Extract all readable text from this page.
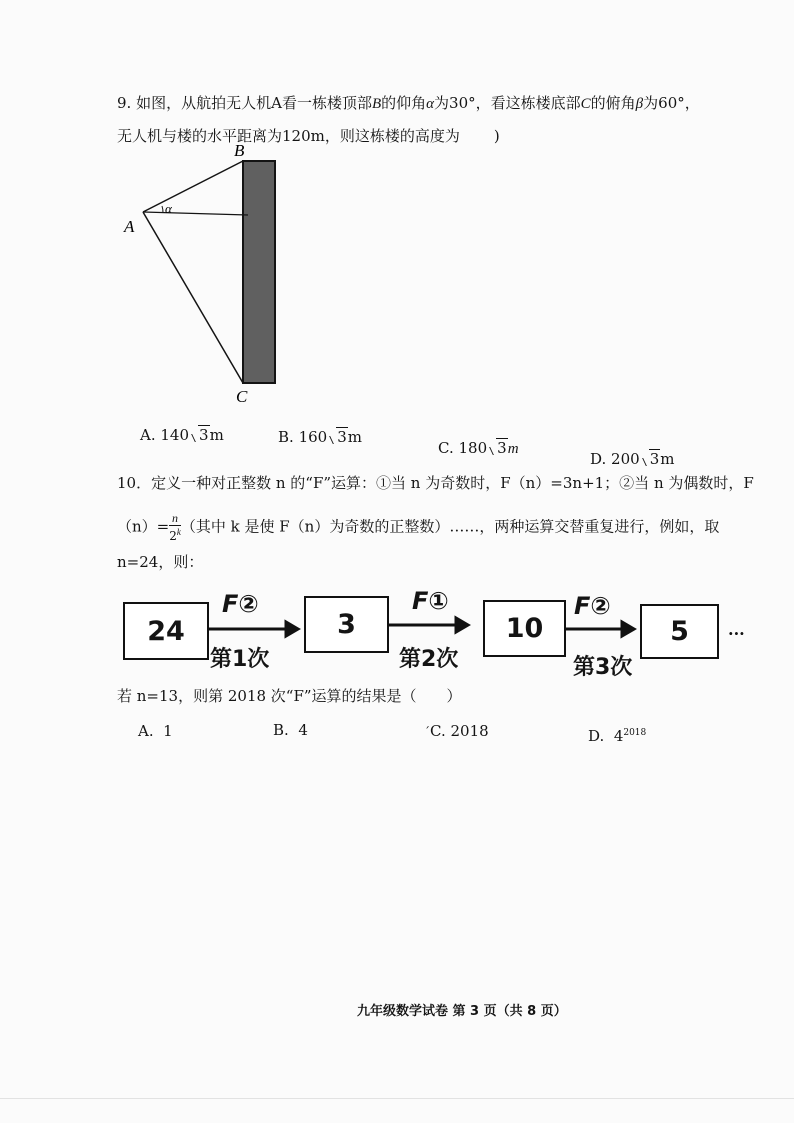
9. 如图，从航拍无人机A看一栋楼顶部B的仰角α为30°，看这栋楼底部C的俯角β为60°，
无人机与楼的水平距离为120m，则这栋楼的高度为 )
B
A
C
α
A. 140 3m	B. 160 3m
C. 180 3m
D. 200 3m
10．定义一种对正整数 n 的“F”运算：①当 n 为奇数时，F（n）=3n+1；②当 n 为偶数时，F
$(n)= \frac{n}{2^k}$ （其中 k 是使 F（n）为奇数的正整数）……，两种运算交替重复进行，例如，取
n=24，则：
24	3	10	5
F②	F①	F②
第1次	第2次	第3次
···
若 n=13，则第 2018 次“F”运算的结果是（　　）
A. 1	B. 4	ˊC. 2018	D. $4^{2018}$
九年级数学试卷 第 3 页（共 8 页）
